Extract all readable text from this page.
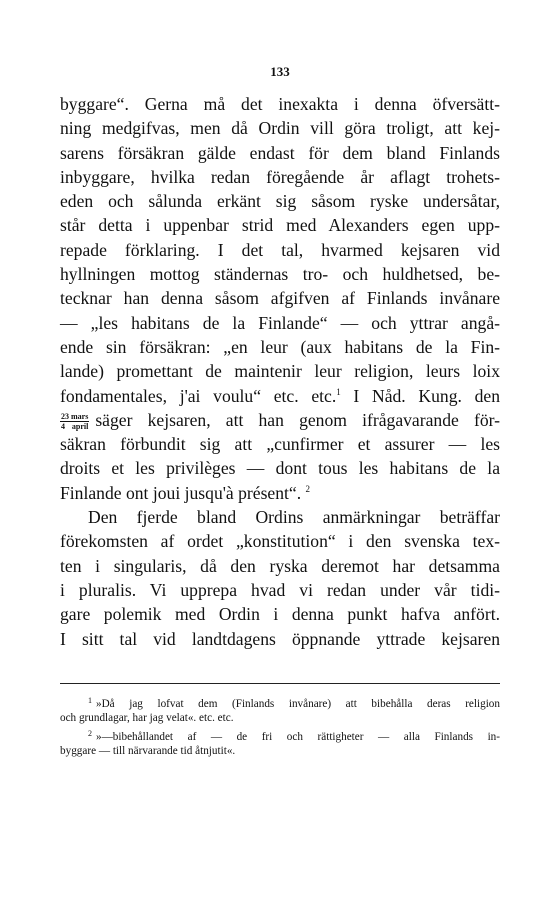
133
byggare“. Gerna må det inexakta i denna öfversätt-
ning medgifvas, men då Ordin vill göra troligt, att kej-
sarens försäkran gälde endast för dem bland Finlands
inbyggare, hvilka redan föregående år aflagt trohets-
eden och sålunda erkänt sig såsom ryske undersåtar,
står detta i uppenbar strid med Alexanders egen upp-
repade förklaring. I det tal, hvarmed kejsaren vid
hyllningen mottog ständernas tro- och huldhetsed, be-
tecknar han denna såsom afgifven af Finlands invånare
— „les habitans de la Finlande“ — och yttrar angå-
ende sin försäkran: „en leur (aux habitans de la Fin-
lande) promettant de maintenir leur religion, leurs loix
fondamentales, j'ai voulu“ etc. etc.$^1$ I Nåd. Kung. den
23 mars
4 april säger kejsaren, att han genom ifrågavarande för-
säkran förbundit sig att „cunfirmer et assurer — les
droits et les privilèges — dont tous les habitans de la
Finlande ont joui jusqu'à présent“. $^2$
Den fjerde bland Ordins anmärkningar beträffar
förekomsten af ordet „konstitution“ i den svenska tex-
ten i singularis, då den ryska deremot har detsamma
i pluralis. Vi upprepa hvad vi redan under vår tidi-
gare polemik med Ordin i denna punkt hafva anfört.
I sitt tal vid landtdagens öppnande yttrade kejsaren
$^1$ »Då jag lofvat dem (Finlands invånare) att bibehålla deras religion
och grundlagar, har jag velat«. etc. etc.
$^2$ »—bibehållandet af — de fri och rättigheter — alla Finlands in-
byggare — till närvarande tid åtnjutit«.
